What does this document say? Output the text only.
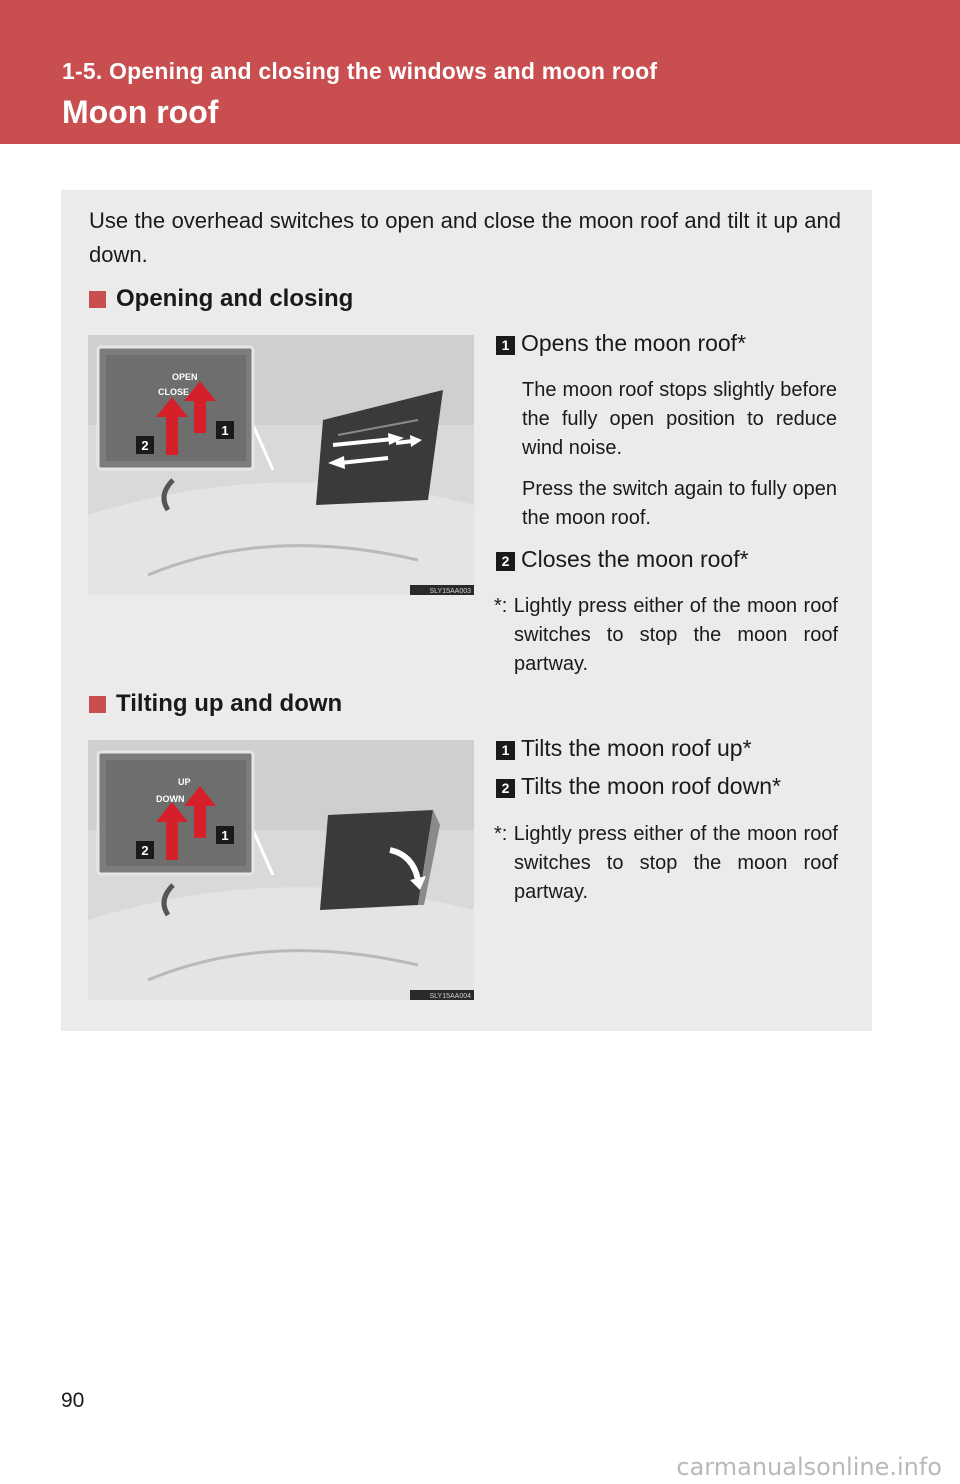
1-5. Opening and closing the windows and moon roof
Moon roof
Use the overhead switches to open and close the moon roof and tilt it up and down.
Opening and closing
OPEN
CLOSE
2
1
SLY15AA003
1 Opens the moon roof*
The moon roof stops slightly before the fully open position to reduce wind noise.
Press the switch again to fully open the moon roof.
2 Closes the moon roof*
*: Lightly press either of the moon roof switches to stop the moon roof partway.
Tilting up and down
UP
DOWN
2
1
SLY15AA004
1 Tilts the moon roof up*
2 Tilts the moon roof down*
*: Lightly press either of the moon roof switches to stop the moon roof partway.
90
carmanualsonline.info
